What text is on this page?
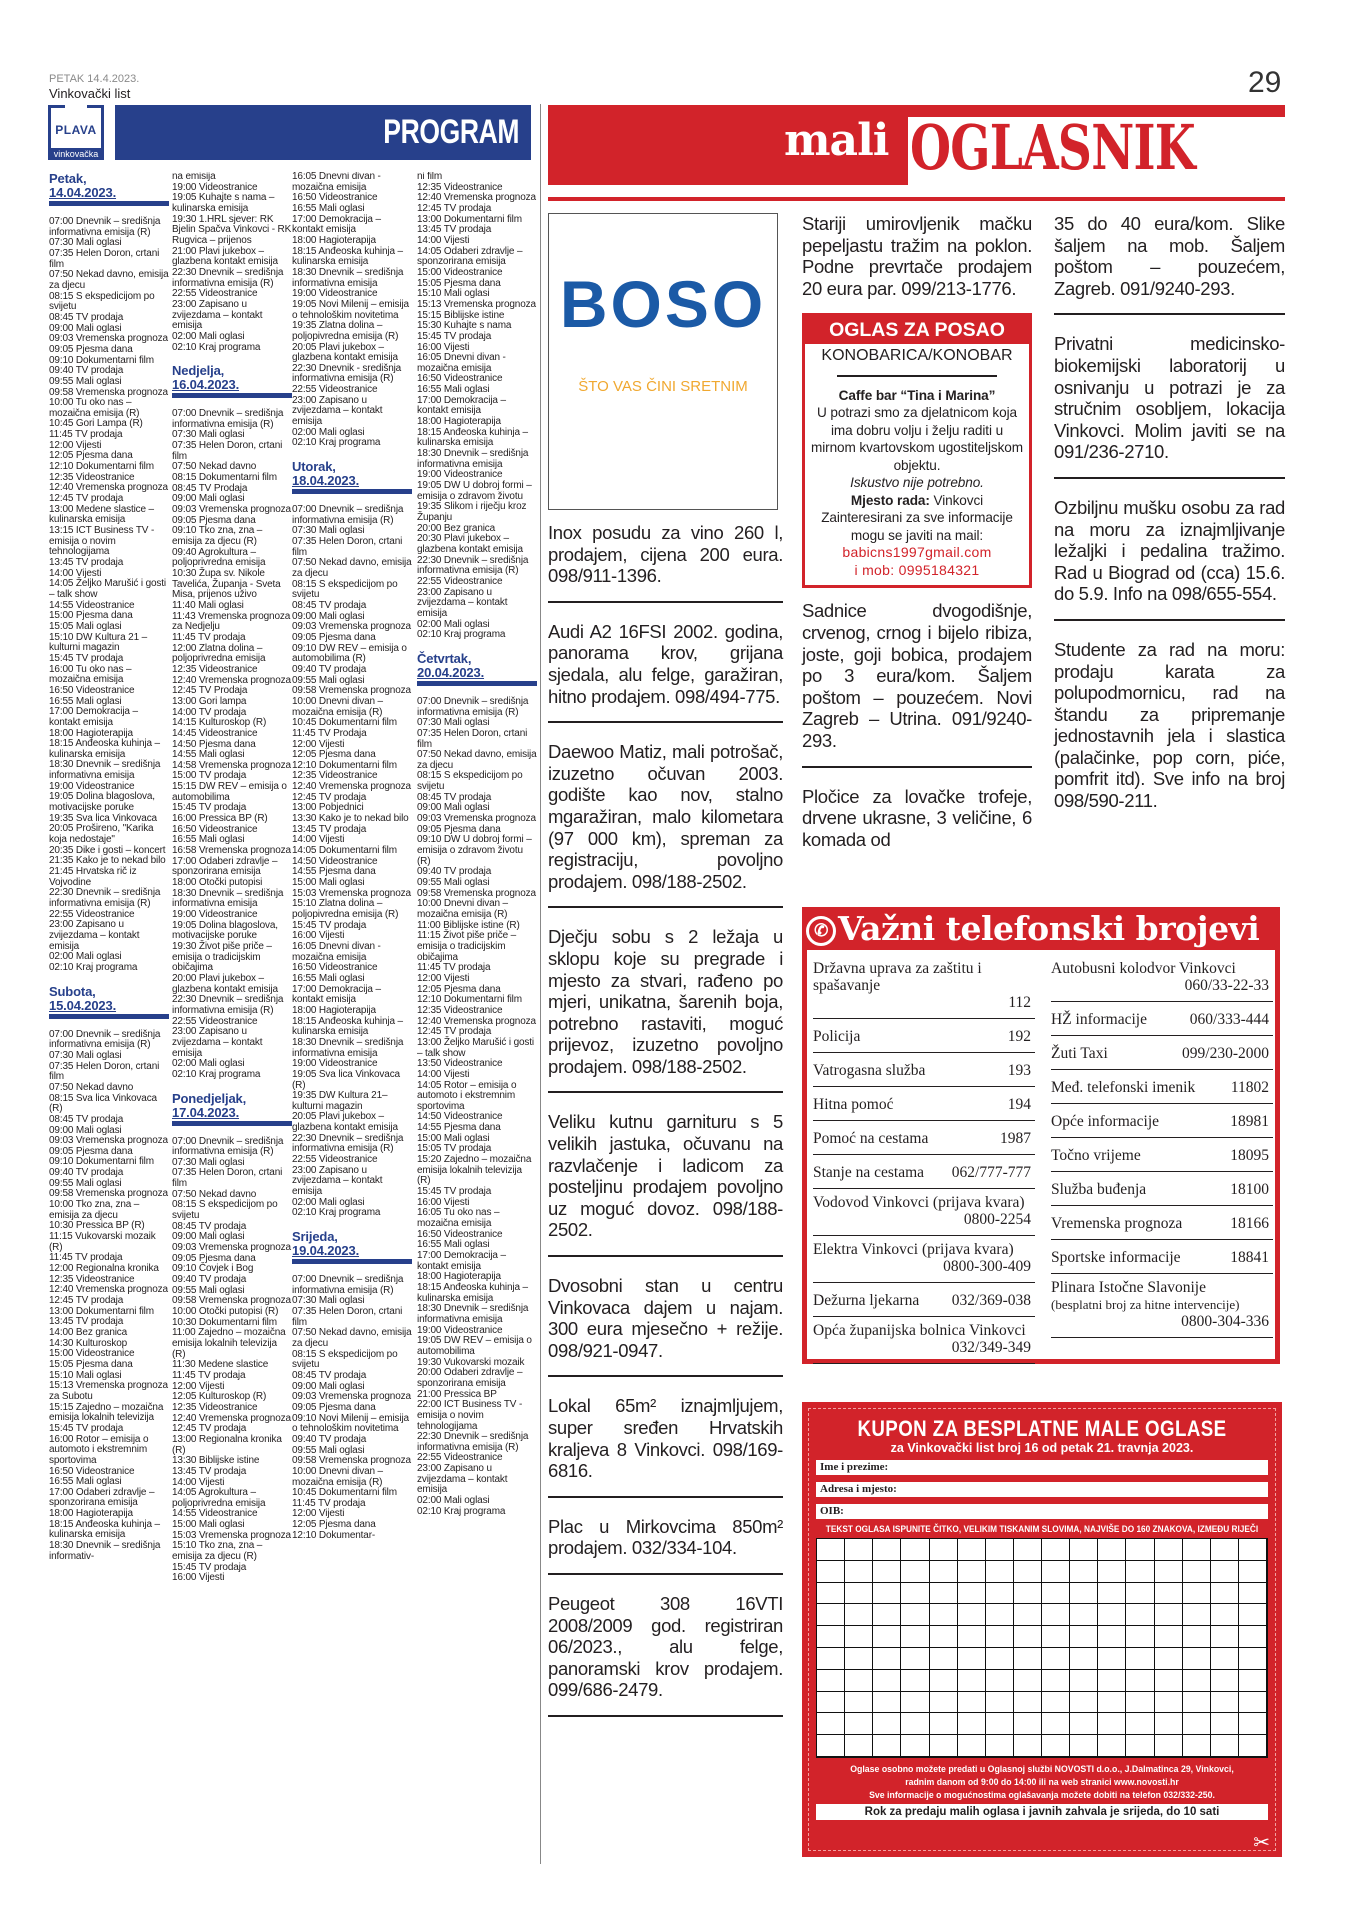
PETAK 14.4.2023.
Vinkovački list	29
PLAVA
vinkovačka
PROGRAM
Petak,
14.04.2023.
07:00 Dnevnik – središnja informativna emisija (R)
07:30 Mali oglasi
07:35 Helen Doron, crtani film
07:50 Nekad davno, emisija za djecu
08:15 S ekspedicijom po svijetu
08:45 TV prodaja
09:00 Mali oglasi
09:03 Vremenska prognoza
09:05 Pjesma dana
09:10 Dokumentarni film
09:40 TV prodaja
09:55 Mali oglasi
09:58 Vremenska prognoza
10:00 Tu oko nas – mozaična emisija (R)
10:45 Gori Lampa (R)
11:45 TV prodaja
12:00 Vijesti
12:05 Pjesma dana
12:10 Dokumentarni film
12:35 Videostranice
12:40 Vremenska prognoza
12:45 TV prodaja
13:00 Medene slastice – kulinarska emisija
13:15 ICT Business TV - emisija o novim tehnologijama
13:45 TV prodaja
14:00 Vijesti
14:05 Željko Marušić i gosti – talk show
14:55 Videostranice
15:00 Pjesma dana
15:05 Mali oglasi
15:10 DW Kultura 21 – kulturni magazin
15:45 TV prodaja
16:00 Tu oko nas – mozaična emisija
16:50 Videostranice
16:55 Mali oglasi
17:00 Demokracija – kontakt emisija
18:00 Hagioterapija
18:15 Anđeoska kuhinja – kulinarska emisija
18:30 Dnevnik – središnja informativna emisija
19:00 Videostranice
19:05 Dolina blagoslova, motivacijske poruke
19:35 Sva lica Vinkovaca
20:05 Prošireno, "Karika koja nedostaje"
20:35 Dike i gosti – koncert
21:35 Kako je to nekad bilo
21:45 Hrvatska rič iz Vojvodine
22:30 Dnevnik – središnja informativna emisija (R)
22:55 Videostranice
23:00 Zapisano u zvijezdama – kontakt emisija
02:00 Mali oglasi
02:10 Kraj programa
Subota,
15.04.2023.
07:00 Dnevnik – središnja informativna emisija (R)
07:30 Mali oglasi
07:35 Helen Doron, crtani film
07:50 Nekad davno
08:15 Sva lica Vinkovaca (R)
08:45 TV prodaja
09:00 Mali oglasi
09:03 Vremenska prognoza
09:05 Pjesma dana
09:10 Dokumentarni film
09:40 TV prodaja
09:55 Mali oglasi
09:58 Vremenska prognoza
10:00 Tko zna, zna – emisija za djecu
10:30 Pressica BP (R)
11:15 Vukovarski mozaik (R)
11:45 TV prodaja
12:00 Regionalna kronika
12:35 Videostranice
12:40 Vremenska prognoza
12:45 TV prodaja
13:00 Dokumentarni film
13:45 TV prodaja
14:00 Bez granica
14:30 Kulturoskop
15:00 Videostranice
15:05 Pjesma dana
15:10 Mali oglasi
15:13 Vremenska prognoza za Subotu
15:15 Zajedno – mozaična emisija lokalnih televizija
15:45 TV prodaja
16:00 Rotor – emisija o automoto i ekstremnim sportovima
16:50 Videostranice
16:55 Mali oglasi
17:00 Odaberi zdravlje – sponzorirana emisija
18:00 Hagioterapija
18:15 Anđeoska kuhinja – kulinarska emisija
18:30 Dnevnik – središnja informativ-
na emisija
19:00 Videostranice
19:05 Kuhajte s nama – kulinarska emisija
19:30 1.HRL sjever: RK Bjelin Spačva Vinkovci - RK Rugvica – prijenos
21:00 Plavi jukebox – glazbena kontakt emisija
22:30 Dnevnik – središnja informativna emisija (R)
22:55 Videostranice
23:00 Zapisano u zvijezdama – kontakt emisija
02:00 Mali oglasi
02:10 Kraj programa
Nedjelja,
16.04.2023.
07:00 Dnevnik – središnja informativna emisija (R)
07:30 Mali oglasi
07:35 Helen Doron, crtani film
07:50 Nekad davno
08:15 Dokumentarni film
08:45 TV Prodaja
09:00 Mali oglasi
09:03 Vremenska prognoza
09:05 Pjesma dana
09:10 Tko zna, zna – emisija za djecu (R)
09:40 Agrokultura – poljoprivredna emisija
10:30 Župa sv. Nikole Tavelića, Županja - Sveta Misa, prijenos uživo
11:40 Mali oglasi
11:43 Vremenska prognoza za Nedjelju
11:45 TV prodaja
12:00 Zlatna dolina – poljoprivredna emisija
12:35 Videostranice
12:40 Vremenska prognoza
12:45 TV Prodaja
13:00 Gori lampa
14:00 TV prodaja
14:15 Kulturoskop (R)
14:45 Videostranice
14:50 Pjesma dana
14:55 Mali oglasi
14:58 Vremenska prognoza
15:00 TV prodaja
15:15 DW REV – emisija o automobilima
15:45 TV prodaja
16:00 Pressica BP (R)
16:50 Videostranice
16:55 Mali oglasi
16:58 Vremenska prognoza
17:00 Odaberi zdravlje – sponzorirana emisija
18:00 Otočki putopisi
18:30 Dnevnik – središnja informativna emisija
19:00 Videostranice
19:05 Dolina blagoslova, motivacijske poruke
19:30 Život piše priče – emisija o tradicijskim običajima
20:00 Plavi jukebox – glazbena kontakt emisija
22:30 Dnevnik – središnja informativna emisija (R)
22:55 Videostranice
23:00 Zapisano u zvijezdama – kontakt emisija
02:00 Mali oglasi
02:10 Kraj programa
Ponedjeljak,
17.04.2023.
07:00 Dnevnik – središnja informativna emisija (R)
07:30 Mali oglasi
07:35 Helen Doron, crtani film
07:50 Nekad davno
08:15 S ekspedicijom po svijetu
08:45 TV prodaja
09:00 Mali oglasi
09:03 Vremenska prognoza
09:05 Pjesma dana
09:10 Čovjek i Bog
09:40 TV prodaja
09:55 Mali oglasi
09:58 Vremenska prognoza
10:00 Otočki putopisi (R)
10:30 Dokumentarni film
11:00 Zajedno – mozaična emisija lokalnih televizija (R)
11:30 Medene slastice
11:45 TV prodaja
12:00 Vijesti
12:05 Kulturoskop (R)
12:35 Videostranice
12:40 Vremenska prognoza
12:45 TV prodaja
13:00 Regionalna kronika (R)
13:30 Biblijske istine
13:45 TV prodaja
14:00 Vijesti
14:05 Agrokultura – poljoprivredna emisija
14:55 Videostranice
15:00 Mali oglasi
15:03 Vremenska prognoza
15:10 Tko zna, zna – emisija za djecu (R)
15:45 TV prodaja
16:00 Vijesti
16:05 Dnevni divan - mozaična emisija
16:50 Videostranice
16:55 Mali oglasi
17:00 Demokracija – kontakt emisija
18:00 Hagioterapija
18:15 Anđeoska kuhinja – kulinarska emisija
18:30 Dnevnik – središnja informativna emisija
19:00 Videostranice
19:05 Novi Milenij – emisija o tehnološkim novitetima
19:35 Zlatna dolina – poljopivredna emisija (R)
20:05 Plavi jukebox – glazbena kontakt emisija
22:30 Dnevnik - središnja informativna emisija (R)
22:55 Videostranice
23:00 Zapisano u zvijezdama – kontakt emisija
02:00 Mali oglasi
02:10 Kraj programa
Utorak,
18.04.2023.
07:00 Dnevnik – središnja informativna emisija (R)
07:30 Mali oglasi
07:35 Helen Doron, crtani film
07:50 Nekad davno, emisija za djecu
08:15 S ekspedicijom po svijetu
08:45 TV prodaja
09:00 Mali oglasi
09:03 Vremenska prognoza
09:05 Pjesma dana
09:10 DW REV – emisija o automobilima (R)
09:40 TV prodaja
09:55 Mali oglasi
09:58 Vremenska prognoza
10:00 Dnevni divan – mozaična emisija (R)
10:45 Dokumentarni film
11:45 TV Prodaja
12:00 Vijesti
12:05 Pjesma dana
12:10 Dokumentarni film
12:35 Videostranice
12:40 Vremenska prognoza
12:45 TV prodaja
13:00 Pobjednici
13:30 Kako je to nekad bilo
13:45 TV prodaja
14:00 Vijesti
14:05 Dokumentarni film
14:50 Videostranice
14:55 Pjesma dana
15:00 Mali oglasi
15:03 Vremenska prognoza
15:10 Zlatna dolina – poljopivredna emisija (R)
15:45 TV prodaja
16:00 Vijesti
16:05 Dnevni divan - mozaična emisija
16:50 Videostranice
16:55 Mali oglasi
17:00 Demokracija – kontakt emisija
18:00 Hagioterapija
18:15 Anđeoska kuhinja – kulinarska emisija
18:30 Dnevnik – središnja informativna emisija
19:00 Videostranice
19:05 Sva lica Vinkovaca (R)
19:35 DW Kultura 21– kulturni magazin
20:05 Plavi jukebox – glazbena kontakt emisija
22:30 Dnevnik – središnja informativna emisija (R)
22:55 Videostranice
23:00 Zapisano u zvijezdama – kontakt emisija
02:00 Mali oglasi
02:10 Kraj programa
Srijeda,
19.04.2023.
07:00 Dnevnik – središnja informativna emisija (R)
07:30 Mali oglasi
07:35 Helen Doron, crtani film
07:50 Nekad davno, emisija za djecu
08:15 S ekspedicijom po svijetu
08:45 TV prodaja
09:00 Mali oglasi
09:03 Vremenska prognoza
09:05 Pjesma dana
09:10 Novi Milenij – emisija o tehnološkim novitetima
09:40 TV prodaja
09:55 Mali oglasi
09:58 Vremenska prognoza
10:00 Dnevni divan – mozaična emisija (R)
10:45 Dokumentarni film
11:45 TV prodaja
12:00 Vijesti
12:05 Pjesma dana
12:10 Dokumentar-
ni film
12:35 Videostranice
12:40 Vremenska prognoza
12:45 TV prodaja
13:00 Dokumentarni film
13:45 TV prodaja
14:00 Vijesti
14:05 Odaberi zdravlje – sponzorirana emisija
15:00 Videostranice
15:05 Pjesma dana
15:10 Mali oglasi
15:13 Vremenska prognoza
15:15 Biblijske istine
15:30 Kuhajte s nama
15:45 TV prodaja
16:00 Vijesti
16:05 Dnevni divan - mozaična emisija
16:50 Videostranice
16:55 Mali oglasi
17:00 Demokracija – kontakt emisija
18:00 Hagioterapija
18:15 Anđeoska kuhinja – kulinarska emisija
18:30 Dnevnik – središnja informativna emisija
19:00 Videostranice
19:05 DW U dobroj formi – emisija o zdravom životu
19:35 Slikom i riječju kroz Županju
20:00 Bez granica
20:30 Plavi jukebox – glazbena kontakt emisija
22:30 Dnevnik – središnja informativna emisija (R)
22:55 Videostranice
23:00 Zapisano u zvijezdama – kontakt emisija
02:00 Mali oglasi
02:10 Kraj programa
Četvrtak,
20.04.2023.
07:00 Dnevnik – središnja informativna emisija (R)
07:30 Mali oglasi
07:35 Helen Doron, crtani film
07:50 Nekad davno, emisija za djecu
08:15 S ekspedicijom po svijetu
08:45 TV prodaja
09:00 Mali oglasi
09:03 Vremenska prognoza
09:05 Pjesma dana
09:10 DW U dobroj formi – emisija o zdravom životu (R)
09:40 TV prodaja
09:55 Mali oglasi
09:58 Vremenska prognoza
10:00 Dnevni divan – mozaična emisija (R)
11:00 Biblijske istine (R)
11:15 Život piše priče – emisija o tradicijskim običajima
11:45 TV prodaja
12:00 Vijesti
12:05 Pjesma dana
12:10 Dokumentarni film
12:35 Videostranice
12:40 Vremenska prognoza
12:45 TV prodaja
13:00 Željko Marušić i gosti – talk show
13:50 Videostranice
14:00 Vijesti
14:05 Rotor – emisija o automoto i ekstremnim sportovima
14:50 Videostranice
14:55 Pjesma dana
15:00 Mali oglasi
15:05 TV prodaja
15:20 Zajedno – mozaična emisija lokalnih televizija (R)
15:45 TV prodaja
16:00 Vijesti
16:05 Tu oko nas – mozaična emisija
16:50 Videostranice
16:55 Mali oglasi
17:00 Demokracija – kontakt emisija
18:00 Hagioterapija
18:15 Anđeoska kuhinja – kulinarska emisija
18:30 Dnevnik – središnja informativna emisija
19:00 Videostranice
19:05 DW REV – emisija o automobilima
19:30 Vukovarski mozaik
20:00 Odaberi zdravlje – sponzorirana emisija
21:00 Pressica BP
22:00 ICT Business TV - emisija o novim tehnologijama
22:30 Dnevnik – središnja informativna emisija (R)
22:55 Videostranice
23:00 Zapisano u zvijezdama – kontakt emisija
02:00 Mali oglasi
02:10 Kraj programa
mali OGLASNIK
BOSO
ŠTO VAS ČINI SRETNIM
Inox posudu za vino 260 l, prodajem, cijena 200 eura. 098/911-1396.
Audi A2 16FSI 2002. godina, panorama krov, grijana sjedala, alu felge, garažiran, hitno prodajem. 098/494-775.
Daewoo Matiz, mali potrošač, izuzetno očuvan 2003. godište kao nov, stalno mgaražiran, malo kilometara (97 000 km), spreman za registraciju, povoljno prodajem. 098/188-2502.
Dječju sobu s 2 ležaja u sklopu koje su pregrade i mjesto za stvari, rađeno po mjeri, unikatna, šarenih boja, potrebno rastaviti, moguć prijevoz, izuzetno povoljno prodajem. 098/188-2502.
Veliku kutnu garnituru s 5 velikih jastuka, očuvanu na razvlačenje i ladicom za posteljinu prodajem povoljno uz moguć dovoz. 098/188-2502.
Dvosobni stan u centru Vinkovaca dajem u najam. 300 eura mjesečno + režije. 098/921-0947.
Lokal 65m² iznajmljujem, super sređen Hrvatskih kraljeva 8 Vinkovci. 098/169-6816.
Plac u Mirkovcima 850m² prodajem. 032/334-104.
Peugeot 308 16VTI 2008/2009 god. registriran 06/2023., alu felge, panoramski krov prodajem. 099/686-2479.
Stariji umirovljenik mačku pepeljastu tražim na poklon. Podne prevrtače prodajem 20 eura par. 099/213-1776.
OGLAS ZA POSAO
KONOBARICA/KONOBAR

Caffe bar “Tina i Marina”

U potrazi smo za djelatnicom koja ima dobru volju i želju raditi u mirnom kvartovskom ugostiteljskom objektu.

Iskustvo nije potrebno.

Mjesto rada: Vinkovci

Zainteresirani za sve informacije mogu se javiti na mail:

babicns1997gmail.com

i mob: 0995184321

Sadnice dvogodišnje, crvenog, crnog i bijelo ribiza, joste, goji bobica, prodajem po 3 eura/kom. Šaljem poštom – pouzećem. Novi Zagreb – Utrina. 091/9240-293.
Pločice za lovačke trofeje, drvene ukrasne, 3 veličine, 6 komada od
35 do 40 eura/kom. Slike šaljem na mob. Šaljem poštom – pouzećem, Zagreb. 091/9240-293.
Privatni medicinsko-biokemijski laboratorij u osnivanju u potrazi je za stručnim osobljem, lokacija Vinkovci. Molim javiti se na 091/236-2710.
Ozbiljnu mušku osobu za rad na moru za iznajmljivanje ležaljki i pedalina tražimo. Rad u Biograd od (cca) 15.6. do 5.9. Info na 098/655-554.
Studente za rad na moru: prodaju karata za polupodmornicu, rad na štandu za pripremanje jednostavnih jela i slastica (palačinke, pop corn, piće, pomfrit itd). Sve info na broj 098/590-211.
✆ Važni telefonski brojevi
Državna uprava za zaštitu i spašavanje
112
Policija	192
Vatrogasna služba	193
Hitna pomoć	194
Pomoć na cestama	1987
Stanje na cestama 062/777-777
Vodovod Vinkovci (prijava kvara)
0800-2254
Elektra Vinkovci (prijava kvara)
0800-300-409
Dežurna ljekarna 032/369-038
Opća županijska bolnica Vinkovci
032/349-349
Autobusni kolodvor Vinkovci
060/33-22-33
HŽ informacije	060/333-444
Žuti Taxi	099/230-2000
Međ. telefonski imenik 11802
Opće informacije	18981
Točno vrijeme	18095
Služba buđenja	18100
Vremenska prognoza	18166
Sportske informacije	18841
Plinara Istočne Slavonije
(besplatni broj za hitne intervencije)
0800-304-336
KUPON ZA BESPLATNE MALE OGLASE
za Vinkovački list broj 16 od petak 21. travnja 2023.
Ime i prezime:
Adresa i mjesto:
OIB:
TEKST OGLASA ISPUNITE ČITKO, VELIKIM TISKANIM SLOVIMA, NAJVIŠE DO 160 ZNAKOVA, IZMEĐU RIJEČI
Oglase osobno možete predati u Oglasnoj službi NOVOSTI d.o.o., J.Dalmatinca 29, Vinkovci,
radnim danom od 9:00 do 14:00 ili na web stranici www.novosti.hr
Sve informacije o mogućnostima oglašavanja možete dobiti na telefon 032/332-250.
Rok za predaju malih oglasa i javnih zahvala je srijeda, do 10 sati
✂
